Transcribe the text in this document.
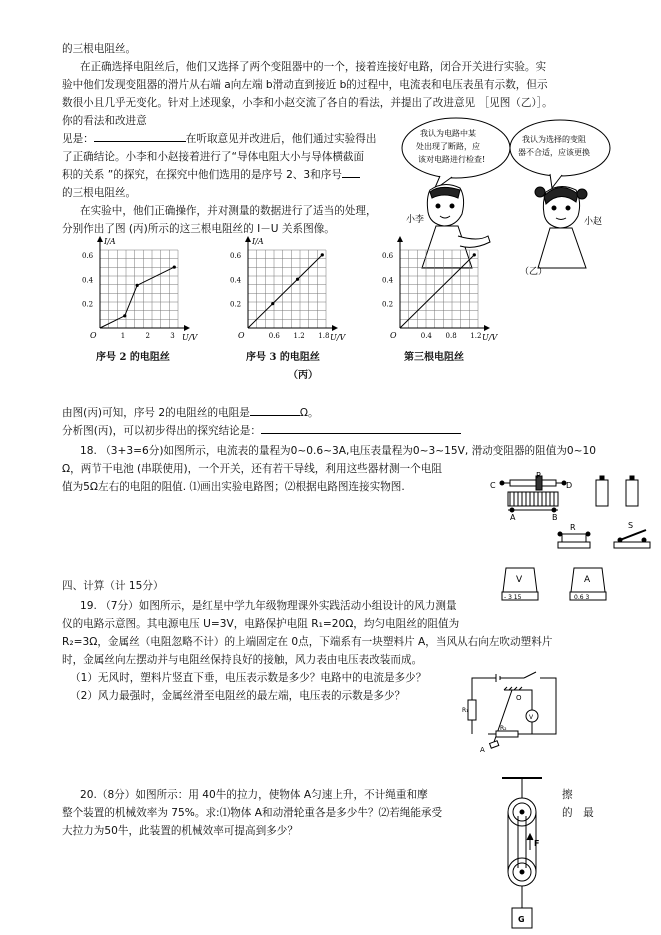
的三根电阻丝。
在正确选择电阻丝后，他们又选择了两个变阻器中的一个，接着连接好电路，闭合开关进行实验。实
验中他们发现变阻器的滑片从右端 a向左端 b滑动直到接近 b的过程中，电流表和电压表虽有示数，但示
数很小且几乎无变化。针对上述现象，小李和小赵交流了各自的看法，并提出了改进意见 ［见图（乙）］。
你的看法和改进意
见是：	在听取意见并改进后，他们通过实验得出
了正确结论。小李和小赵接着进行了“导体电阻大小与导体横截面
积的关系 ”的探究，在探究中他们选用的是序号 2、3和序号
的三根电阻丝。
在实验中，他们正确操作，并对测量的数据进行了适当的处理，
分别作出了图 (丙)所示的这三根电阻丝的 I－U 关系图像。
我认为电路中某
处出现了断路，应
该对电路进行检查!
我认为选择的变阻
器不合适，应该更换
小李	小赵
（乙）
I/A
U/V
O
0.6
0.4
0.2
1	2	3
I/A
U/V
O
0.6
0.4
0.2
0.6 1.2 1.8	U/V
O
0.6
0.4
0.2
0.4 0.8 1.2
序号 2 的电阻丝	序号 3 的电阻丝	第三根电阻丝
（丙）
由图(丙)可知，序号 2的电阻丝的电阻是	Ω。
分析图(丙)，可以初步得出的探究结论是：
18. （3+3=6分)如图所示，电流表的量程为0~0.6~3A,电压表量程为0~3~15V, 滑动变阻器的阻值为0~10
Ω，两节干电池 (串联使用)，一个开关，还有若干导线，利用这些器材测一个电阻
值为5Ω左右的电阻的阻值. ⑴画出实验电路图；⑵根据电路图连接实物图.	C
P
D
A	B
R	S
V
- 3 15
A
0.6 3
四、计算（计 15分）
19. （7分）如图所示，是红星中学九年级物理课外实践活动小组设计的风力测量
仪的电路示意图。其电源电压 U=3V，电路保护电阻 R₁=20Ω，均匀电阻丝的阻值为
R₂=3Ω，金属丝（电阻忽略不计）的上端固定在 0点，下端系有一块塑料片 A，当风从右向左吹动塑料片
时，金属丝向左摆动并与电阻丝保持良好的接触，风力表由电压表改装而成。
（1）无风时，塑料片竖直下垂，电压表示数是多少？电路中的电流是多少？
（2）风力最强时，金属丝滑至电阻丝的最左端，电压表的示数是多少？
R₁
R₂
V
A
O
20.（8分）如图所示：用 40牛的拉力，使物体 A匀速上升，不计绳重和摩	擦
整个装置的机械效率为 75%。求:⑴物体 A和动滑轮重各是多少牛？⑵若绳能承受	的　最
大拉力为50牛，此装置的机械效率可提高到多少？
F
G
